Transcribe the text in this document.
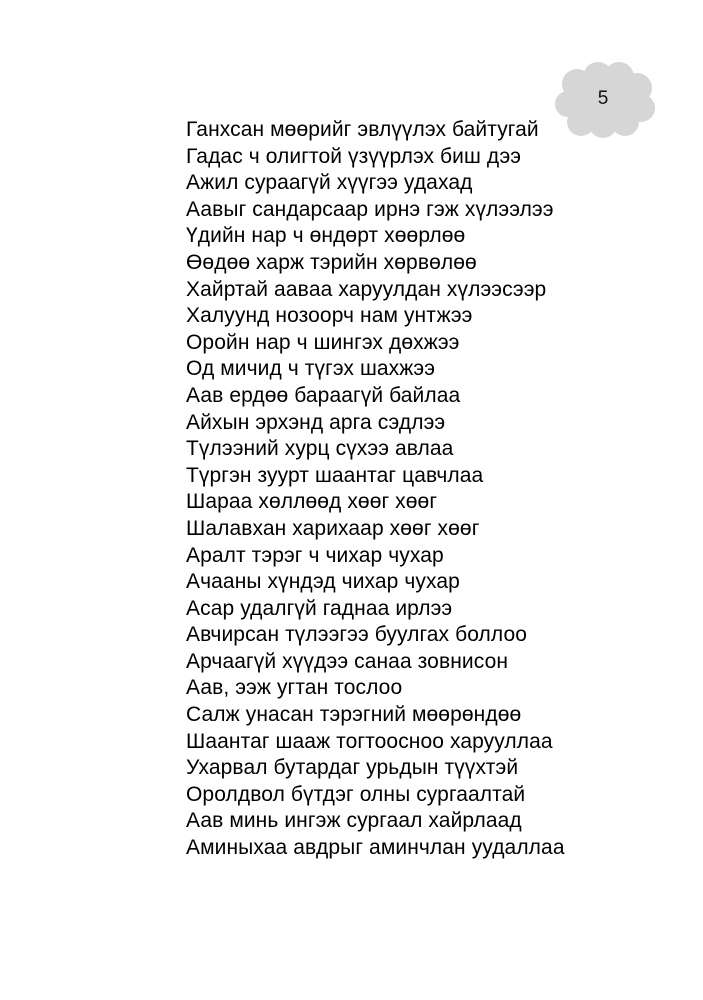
5
Ганхсан мөөрийг эвлүүлэх байтугай
Гадас ч олигтой үзүүрлэх биш дээ
Ажил сураагүй хүүгээ удахад
Аавыг сандарсаар ирнэ гэж хүлээлээ
Үдийн нар ч өндөрт хөөрлөө
Өөдөө харж тэрийн хөрвөлөө
Хайртай аавaa харуулдан хүлээсээр
Халуунд нозоорч нам унтжээ
Оройн нар ч шингэх дөхжээ
Од мичид ч түгэх шахжээ
Аав ердөө бараагүй байлаа
Айхын эрхэнд арга сэдлээ
Түлээний хурц сүхээ авлаа
Түргэн зуурт шаантаг цавчлаа
Шараа хөллөөд хөөг хөөг
Шалавхан харихаар хөөг хөөг
Аралт тэрэг ч чихар чухар
Ачааны хүндэд чихар чухар
Асар удалгүй гаднаа ирлээ
Авчирсан түлээгээ буулгах боллоо
Арчаагүй хүүдээ санаа зовнисон
Аав, ээж угтан тослоо
Салж унасан тэрэгний мөөрөндөө
Шаантаг шааж тогтоосноо харууллаа
Ухарвал бутардаг урьдын түүхтэй
Оролдвол бүтдэг олны сургаалтай
Аав минь ингэж сургаал хайрлаад
Аминыхаа авдрыг аминчлан уудаллаа
